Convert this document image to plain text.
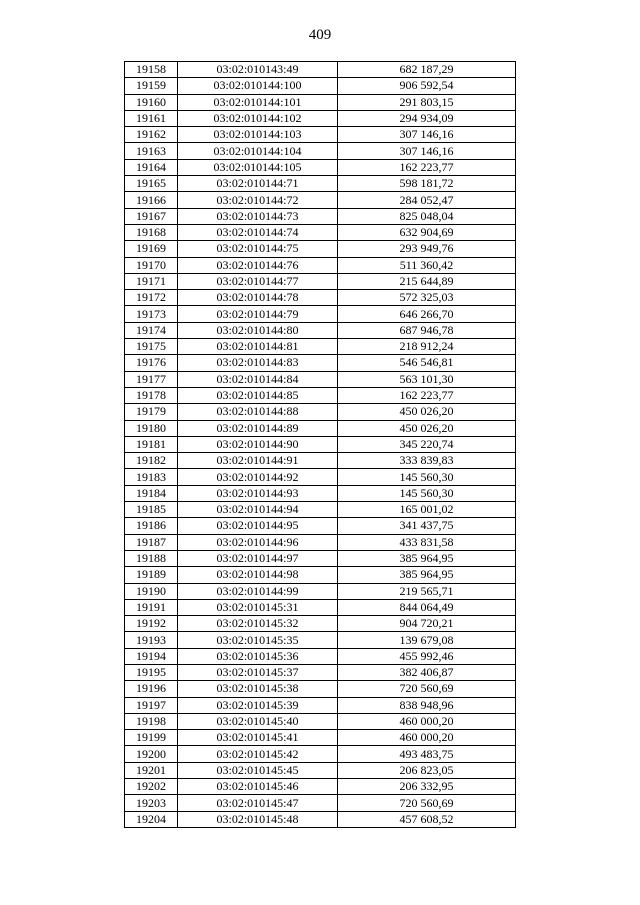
409
19158	03:02:010143:49	682 187,29
19159	03:02:010144:100	906 592,54
19160	03:02:010144:101	291 803,15
19161	03:02:010144:102	294 934,09
19162	03:02:010144:103	307 146,16
19163	03:02:010144:104	307 146,16
19164	03:02:010144:105	162 223,77
19165	03:02:010144:71	598 181,72
19166	03:02:010144:72	284 052,47
19167	03:02:010144:73	825 048,04
19168	03:02:010144:74	632 904,69
19169	03:02:010144:75	293 949,76
19170	03:02:010144:76	511 360,42
19171	03:02:010144:77	215 644,89
19172	03:02:010144:78	572 325,03
19173	03:02:010144:79	646 266,70
19174	03:02:010144:80	687 946,78
19175	03:02:010144:81	218 912,24
19176	03:02:010144:83	546 546,81
19177	03:02:010144:84	563 101,30
19178	03:02:010144:85	162 223,77
19179	03:02:010144:88	450 026,20
19180	03:02:010144:89	450 026,20
19181	03:02:010144:90	345 220,74
19182	03:02:010144:91	333 839,83
19183	03:02:010144:92	145 560,30
19184	03:02:010144:93	145 560,30
19185	03:02:010144:94	165 001,02
19186	03:02:010144:95	341 437,75
19187	03:02:010144:96	433 831,58
19188	03:02:010144:97	385 964,95
19189	03:02:010144:98	385 964,95
19190	03:02:010144:99	219 565,71
19191	03:02:010145:31	844 064,49
19192	03:02:010145:32	904 720,21
19193	03:02:010145:35	139 679,08
19194	03:02:010145:36	455 992,46
19195	03:02:010145:37	382 406,87
19196	03:02:010145:38	720 560,69
19197	03:02:010145:39	838 948,96
19198	03:02:010145:40	460 000,20
19199	03:02:010145:41	460 000,20
19200	03:02:010145:42	493 483,75
19201	03:02:010145:45	206 823,05
19202	03:02:010145:46	206 332,95
19203	03:02:010145:47	720 560,69
19204	03:02:010145:48	457 608,52
